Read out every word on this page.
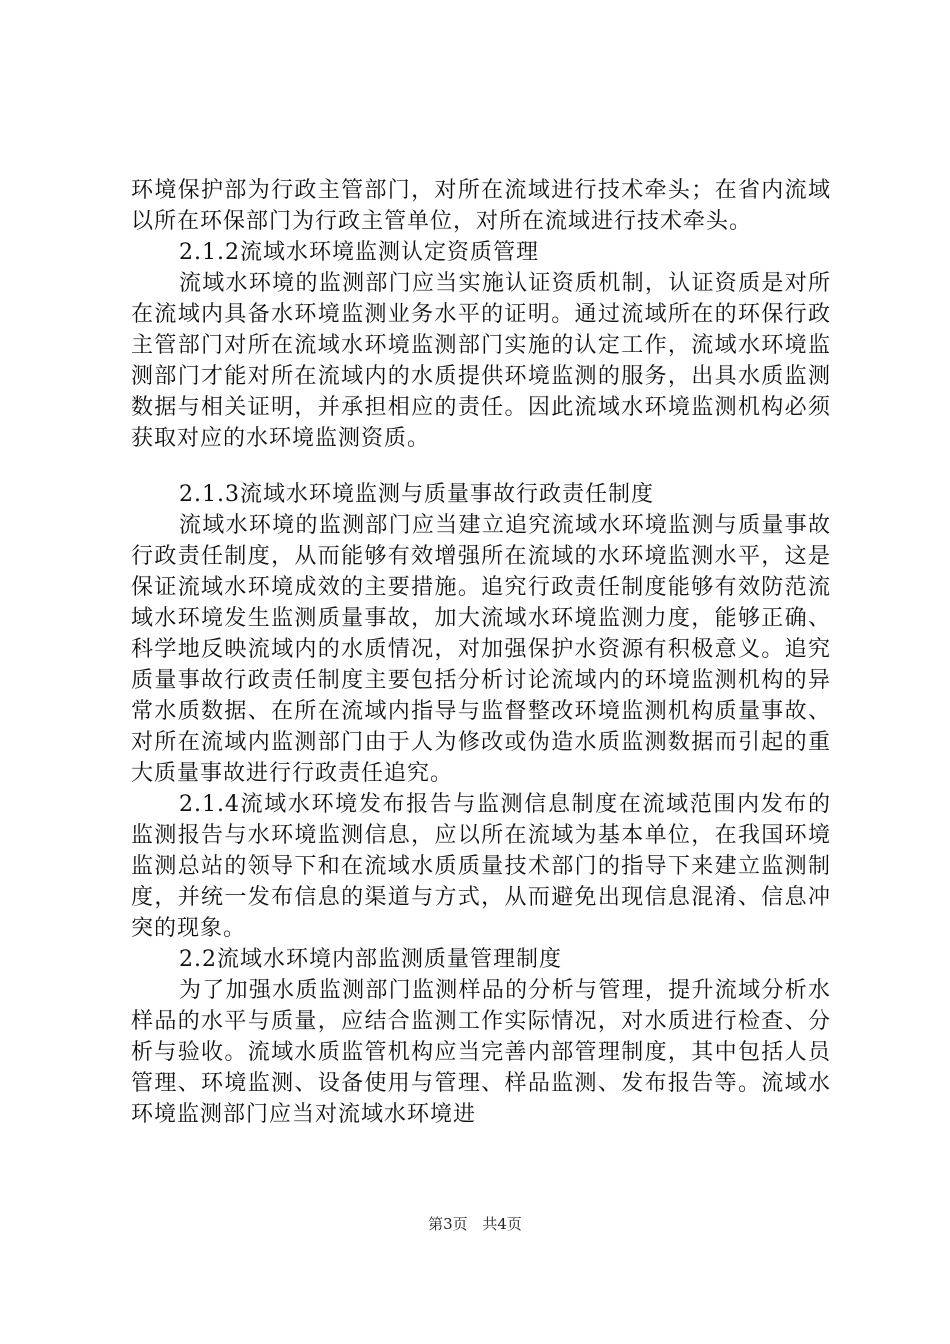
环境保护部为行政主管部门，对所在流域进行技术牵头；在省内流域以所在环保部门为行政主管单位，对所在流域进行技术牵头。

2.1.2流域水环境监测认定资质管理

流域水环境的监测部门应当实施认证资质机制，认证资质是对所在流域内具备水环境监测业务水平的证明。通过流域所在的环保行政主管部门对所在流域水环境监测部门实施的认定工作，流域水环境监测部门才能对所在流域内的水质提供环境监测的服务，出具水质监测数据与相关证明，并承担相应的责任。因此流域水环境监测机构必须获取对应的水环境监测资质。

2.1.3流域水环境监测与质量事故行政责任制度

流域水环境的监测部门应当建立追究流域水环境监测与质量事故行政责任制度，从而能够有效增强所在流域的水环境监测水平，这是保证流域水环境成效的主要措施。追究行政责任制度能够有效防范流域水环境发生监测质量事故，加大流域水环境监测力度，能够正确、科学地反映流域内的水质情况，对加强保护水资源有积极意义。追究质量事故行政责任制度主要包括分析讨论流域内的环境监测机构的异常水质数据、在所在流域内指导与监督整改环境监测机构质量事故、对所在流域内监测部门由于人为修改或伪造水质监测数据而引起的重大质量事故进行行政责任追究。

2.1.4流域水环境发布报告与监测信息制度在流域范围内发布的监测报告与水环境监测信息，应以所在流域为基本单位，在我国环境监测总站的领导下和在流域水质质量技术部门的指导下来建立监测制度，并统一发布信息的渠道与方式，从而避免出现信息混淆、信息冲突的现象。

2.2流域水环境内部监测质量管理制度

为了加强水质监测部门监测样品的分析与管理，提升流域分析水样品的水平与质量，应结合监测工作实际情况，对水质进行检查、分析与验收。流域水质监管机构应当完善内部管理制度，其中包括人员管理、环境监测、设备使用与管理、样品监测、发布报告等。流域水环境监测部门应当对流域水环境进

第3页 共4页
